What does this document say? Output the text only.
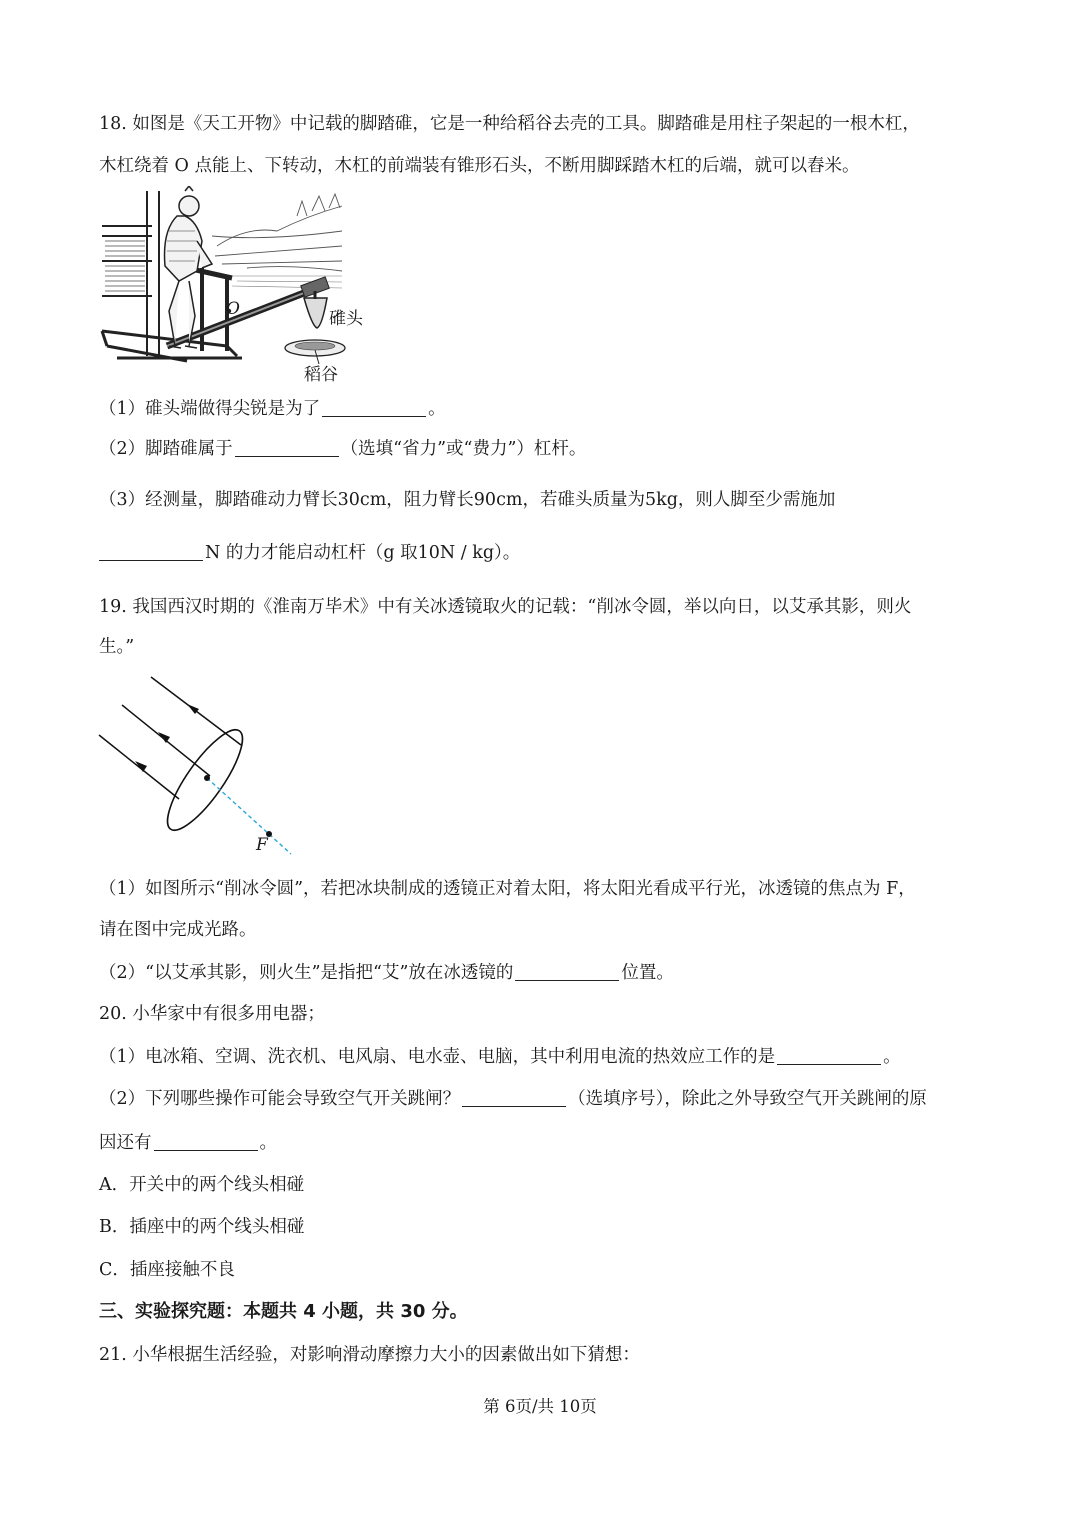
18. 如图是《天工开物》中记载的脚踏碓，它是一种给稻谷去壳的工具。脚踏碓是用柱子架起的一根木杠，
木杠绕着 O 点能上、下转动，木杠的前端装有锥形石头，不断用脚踩踏木杠的后端，就可以舂米。
O	碓头
稻谷
（1）碓头端做得尖锐是为了	。
（2）脚踏碓属于	（选填“省力”或“费力”）杠杆。
（3）经测量，脚踏碓动力臂长30cm，阻力臂长90cm，若碓头质量为5kg，则人脚至少需施加
N 的力才能启动杠杆（g 取10N / kg）。
19. 我国西汉时期的《淮南万毕术》中有关冰透镜取火的记载：“削冰令圆，举以向日，以艾承其影，则火
生。”
F
（1）如图所示“削冰令圆”，若把冰块制成的透镜正对着太阳，将太阳光看成平行光，冰透镜的焦点为 F，
请在图中完成光路。
（2）“以艾承其影，则火生”是指把“艾”放在冰透镜的	位置。
20. 小华家中有很多用电器；
（1）电冰箱、空调、洗衣机、电风扇、电水壶、电脑，其中利用电流的热效应工作的是	。
（2）下列哪些操作可能会导致空气开关跳闸？	（选填序号），除此之外导致空气开关跳闸的原
因还有	。
A．开关中的两个线头相碰
B．插座中的两个线头相碰
C．插座接触不良
三、实验探究题：本题共 4 小题，共 30 分。
21. 小华根据生活经验，对影响滑动摩擦力大小的因素做出如下猜想：
第 6页/共 10页
